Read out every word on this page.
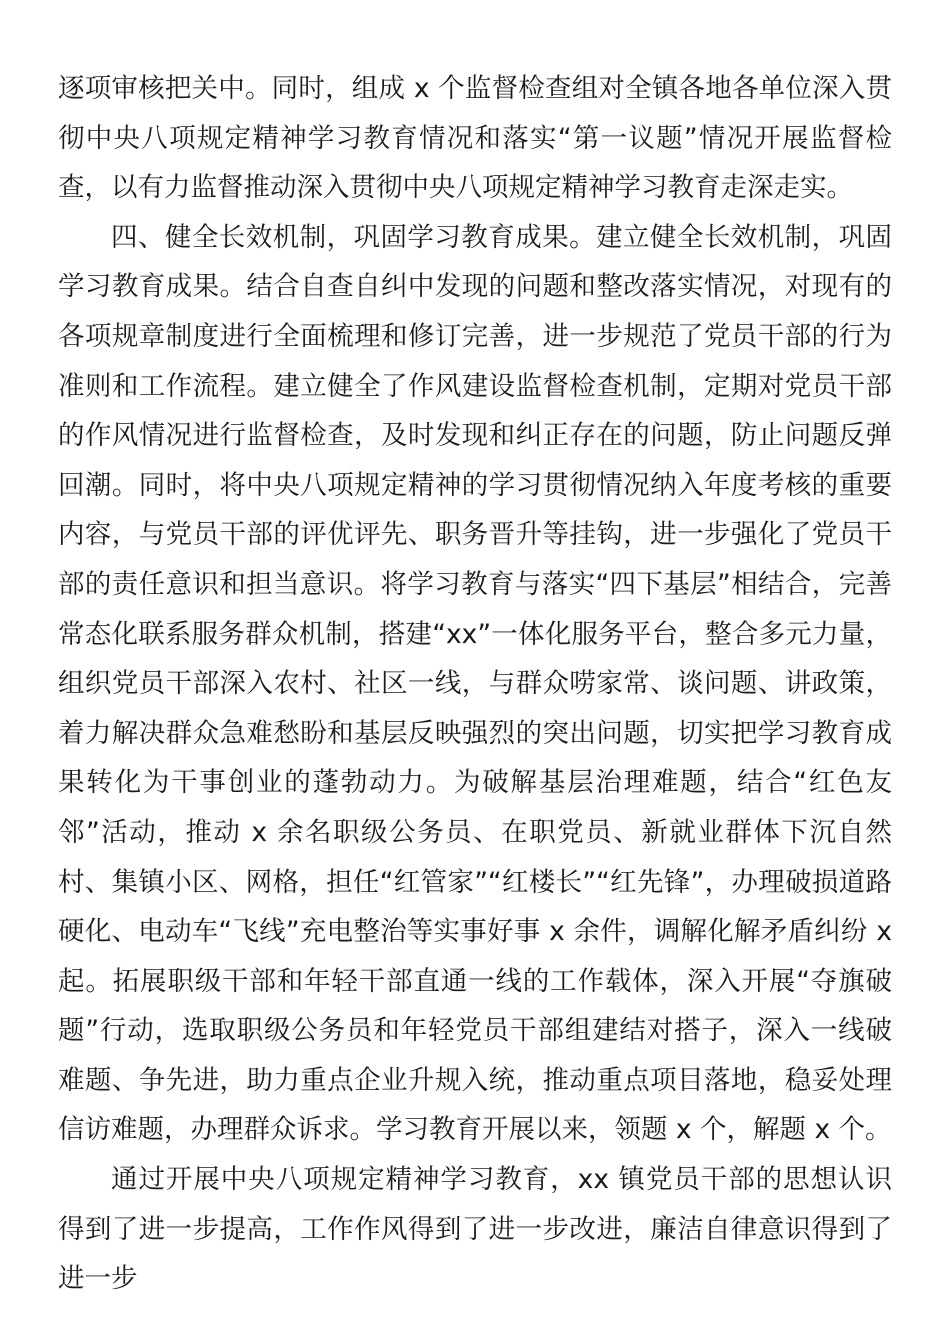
逐项审核把关中。同时，组成 x 个监督检查组对全镇各地各单位深入贯彻中央八项规定精神学习教育情况和落实“第一议题”情况开展监督检查，以有力监督推动深入贯彻中央八项规定精神学习教育走深走实。

四、健全长效机制，巩固学习教育成果。建立健全长效机制，巩固学习教育成果。结合自查自纠中发现的问题和整改落实情况，对现有的各项规章制度进行全面梳理和修订完善，进一步规范了党员干部的行为准则和工作流程。建立健全了作风建设监督检查机制，定期对党员干部的作风情况进行监督检查，及时发现和纠正存在的问题，防止问题反弹回潮。同时，将中央八项规定精神的学习贯彻情况纳入年度考核的重要内容，与党员干部的评优评先、职务晋升等挂钩，进一步强化了党员干部的责任意识和担当意识。将学习教育与落实“四下基层”相结合，完善常态化联系服务群众机制，搭建“xx”一体化服务平台，整合多元力量，组织党员干部深入农村、社区一线，与群众唠家常、谈问题、讲政策，着力解决群众急难愁盼和基层反映强烈的突出问题，切实把学习教育成果转化为干事创业的蓬勃动力。为破解基层治理难题，结合“红色友邻”活动，推动 x 余名职级公务员、在职党员、新就业群体下沉自然村、集镇小区、网格，担任“红管家”“红楼长”“红先锋”，办理破损道路硬化、电动车“飞线”充电整治等实事好事 x 余件，调解化解矛盾纠纷 x 起。拓展职级干部和年轻干部直通一线的工作载体，深入开展“夺旗破题”行动，选取职级公务员和年轻党员干部组建结对搭子，深入一线破难题、争先进，助力重点企业升规入统，推动重点项目落地，稳妥处理信访难题，办理群众诉求。学习教育开展以来，领题 x 个，解题 x 个。

通过开展中央八项规定精神学习教育，xx 镇党员干部的思想认识得到了进一步提高，工作作风得到了进一步改进，廉洁自律意识得到了进一步
